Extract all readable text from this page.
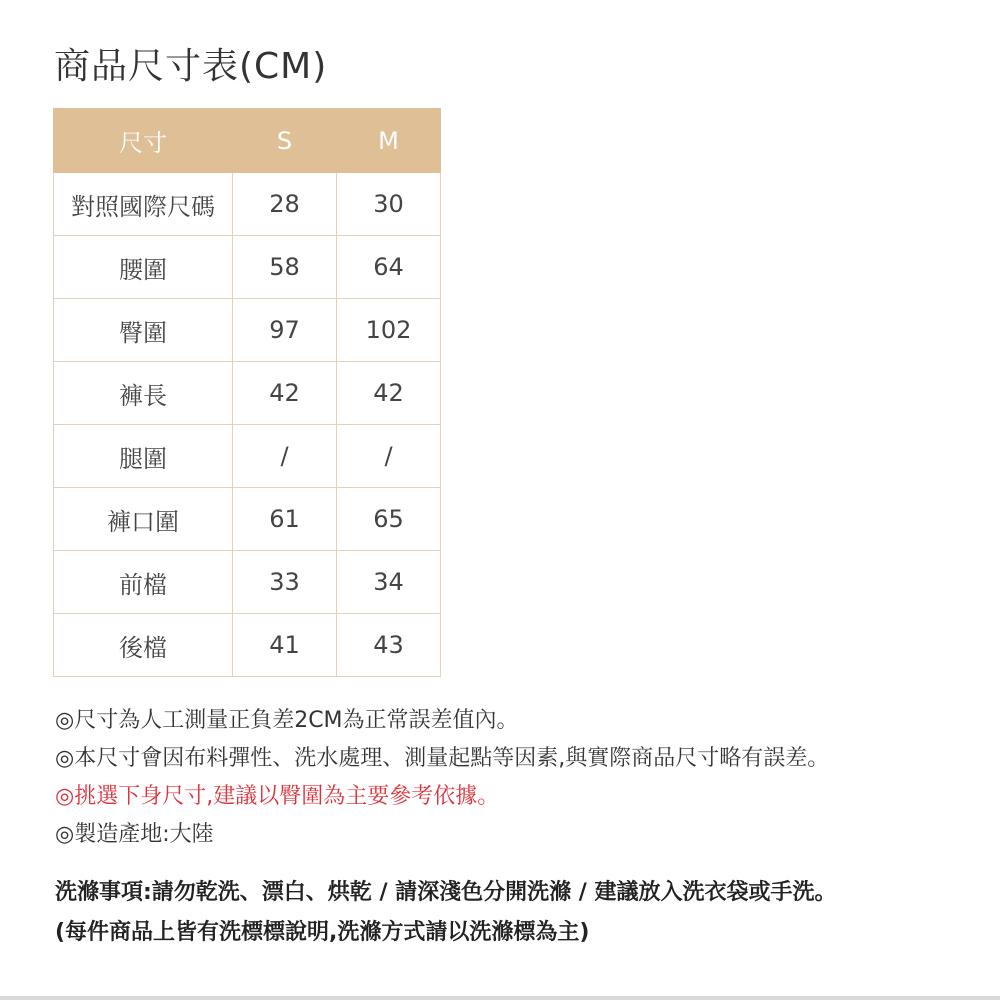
商品尺寸表(CM)
尺寸	S	M
對照國際尺碼	28	30
腰圍	58	64
臀圍	97	102
褲長	42	42
腿圍	/	/
褲口圍	61	65
前檔	33	34
後檔	41	43
◎尺寸為人工測量正負差2CM為正常誤差值內。
◎本尺寸會因布料彈性、洗水處理、測量起點等因素,與實際商品尺寸略有誤差。
◎挑選下身尺寸,建議以臀圍為主要參考依據。
◎製造產地:大陸
洗滌事項:請勿乾洗、漂白、烘乾 / 請深淺色分開洗滌 / 建議放入洗衣袋或手洗。
(每件商品上皆有洗標標說明,洗滌方式請以洗滌標為主)
